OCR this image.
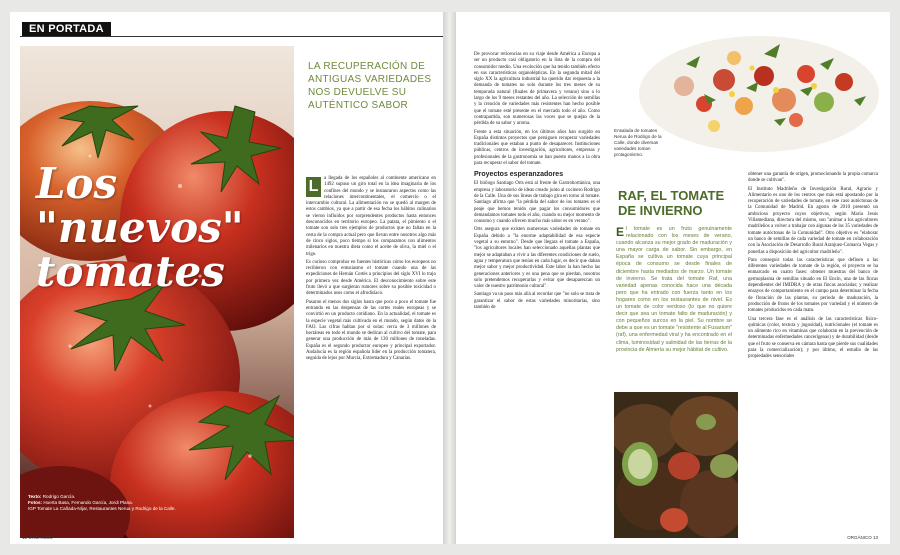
EN PORTADA
Los "nuevos" tomates
Texto: Rodrigo García.
Fotos: Huerta Basa, Fernando García, Jordi Plana.
IGP Tomate La Cañada-Níjar, Restaurantes Nerua y Rodrigo de la Calle.
LA RECUPERACIÓN DE ANTIGUAS VARIEDADES NOS DEVUELVE SU AUTÉNTICO SABOR

L	a llegada de los españoles al continente americano en 1492 supuso un giro total en la idea imaginaria de los confines del mundo y se instauraron aspectos como las relaciones intercontinentales, el comercio o el intercambio cultural. La alimentación no se quedó al margen de estos cambios, ya que a partir de esa fecha los hábitos culinarios se vieron influidos por sorprendentes productos hasta entonces desconocidos en territorio europeo. La patata, el pimiento o el tomate son solo tres ejemplos de productos que no faltan en la cesta de la compra actual pero que llevan entre nosotros algo más de cinco siglos, poco tiempo si los comparamos con alimentos milenarios en nuestra dieta como el aceite de oliva, la miel o el trigo.

Es curioso comprobar en fuentes históricas cómo los europeos no recibieron con entusiasmo el tomate cuando una de las expediciones de Hernán Cortés a principios del siglo XVI lo trajo por primera vez desde América. El desconocimiento sobre este fruto llevó a que surgieran rumores sobre su posible toxicidad o determinados usos como el afrodisíaco.

Pasaron el menos dos siglos hasta que poco a poco el tomate fue entrando en las despensas de las cortes reales europeas y se convirtió en un producto cotidiano. En la actualidad, el tomate es la especie vegetal más cultivada en el mundo, según datos de la FAO. Las cifras hablan por sí solas: cerca de 3 millones de hectáreas en todo el mundo se dedican al cultivo del tomate, para generar una producción de más de 130 millones de toneladas. España es el segundo productor europeo y principal exportador. Andalucía es la región española líder en la producción tomatera, seguida de lejos por Murcia, Extremadura y Canarias.

12 ORGÁNICO

De provocar reticencias en su viaje desde América a Europa a ser un producto casi obligatorio en la lista de la compra del consumidor medio. Una evolución que ha tenido también efecto en sus características organolépticas. En la segunda mitad del siglo XX la agricultura industrial ha querido dar respuesta a la demanda de tomates no solo durante los tres meses de su temporada natural (finales de primavera y verano) sino a lo largo de los 9 meses restantes del año. La selección de semillas y la creación de variedades más resistentes han hecho posible que el tomate esté presente en el mercado todo el año. Como contrapartida, son numerosas las voces que se quejan de la pérdida de su sabor y aroma.

Frente a esta situación, en los últimos años han surgido en España distintos proyectos que persiguen recuperar variedades tradicionales que estaban a punto de desaparecer. Instituciones públicas, centros de investigación, agricultores, empresas y profesionales de la gastronomía se han puesto manos a la obra para recuperar el sabor del tomate.

Proyectos esperanzadores

El biólogo Santiago Orts está al frente de Gastrohortánica, una empresa y laboratorio de ideas creado junto al cocinero Rodrigo de la Calle. Una de sus líneas de trabajo gira en torno al tomate. Santiago afirma que "la pérdida del sabor de los tomates es el peaje que hemos tenido que pagar los consumidores que demandamos tomates todo el año, cuando su mejor momento de consumo y cuando ofrecen mucho más sabor es en verano".

Orts asegura que existen numerosas variedades de tomate en España debido a "la enorme adaptabilidad de esa especie vegetal a su entorno". Desde que llegara el tomate a España, "los agricultores locales han seleccionado aquellas plantas que mejor se adaptaban a vivir a las diferentes condiciones de suelo, agua y temperatura que tenían en cada lugar, es decir que daban mejor sabor y mejor productividad. Este labor la han hecho las generaciones anteriores y es una pena que se pierdan, nosotros solo pretendemos recuperarlas y evitar que desaparezcan un valor de nuestro patrimonio cultural".

Santiago va un paso más allá al recordar que "no solo se trata de garantizar el sabor de estas variedades minoritarias, sino también de

Ensalada de tomates Nerua de Rodrigo de la Calle, donde diversas variedades toman protagonismo.
RAF, EL TOMATE DE INVIERNO
El tomate es un fruto genuinamente relacionado con los meses de verano, cuando alcanza su mejor grado de maduración y una mayor carga de sabor. Sin embargo, en España se cultiva un tomate cuya principal época de consumo se desde finales de diciembre hasta mediados de marzo. Un tomate de invierno. Se trata del tomate Raf, una variedad apenas conocida hace una década pero que ha entrado con fuerza tanto en los hogares como en los restaurantes de nivel. Es un tomate de color verdoso (lo que no quiere decir que sea un tomate falto de maduración) y con pequeños surcos en la piel. Su nombre se debe a que es un tomate "resistente al Fusarium" (raf), una enfermedad viral y ha encontrado en el clima, luminosidad y salinidad de las tierras de la provincia de Almería su mejor hábitat de cultivo.

obtener una garantía de origen, promocionando la propia comarca donde se cultivan".

El Instituto Madrileño de Investigación Rural, Agrario y Alimentario es uno de los centros que más está apostando por la recuperación de variedades de tomate, en este caso autóctonas de la Comunidad de Madrid. En agosto de 2010 presentó un ambicioso proyecto cuyos objetivos, según María Jesús Villamediana, directora del mismo, son "animar a los agricultores madrileños a volver a trabajar con algunas de las 35 variedades de tomate autóctonas de la Comunidad". Otro objetivo es "elaborar un banco de semillas de cada variedad de tomate en colaboración con la Asociación de Desarrollo Rural Aranjuez-Comarca Vegas y ponerlas a disposición del agricultor madrileño".

Para conseguir todas las características que definen a las diferentes variedades de tomate de la región, el proyecto se ha enmarcado en cuatro fases: obtener muestras del banco de germoplasma de semillas situado en El Encín, una de las fincas dependientes del IMIDRA y de otras fincas asociadas; y realizar ensayos de comportamiento en el campo para determinar la fecha de floración de las plantas, su periodo de maduración, la producción de frutos de los tomates por variedad y el número de tomates producidos en cada mata.

Una tercera fase es el análisis de las características físico-químicas (color, textura y jugosidad), nutricionales (el tomate es un alimento rico en vitaminas que colaboran en la prevención de determinadas enfermedades cancerígenas) y de durabilidad (desde que el fruto se conserva en cámara hasta que pierde sus cualidades para la comercialización); y por último, el estudio de las propiedades sensoriales

ORGÁNICO 13
